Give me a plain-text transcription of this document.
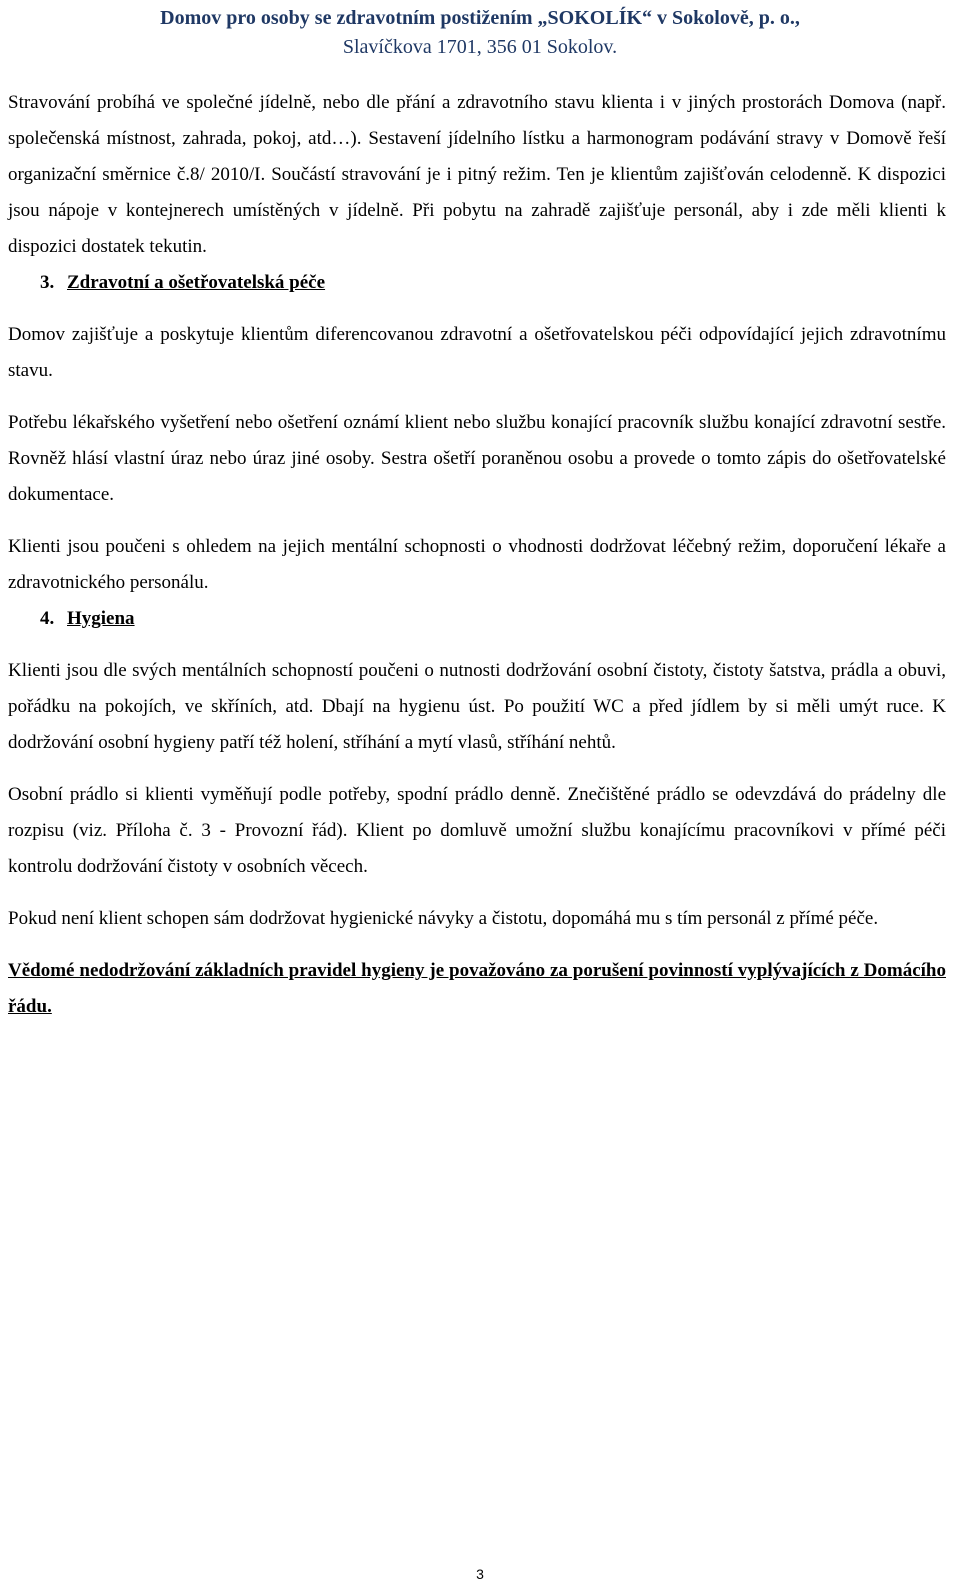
Domov pro osoby se zdravotním postižením „SOKOLÍK“ v Sokolově, p. o.,
Slavíčkova 1701, 356 01 Sokolov.

Stravování probíhá ve společné jídelně, nebo dle přání a zdravotního stavu klienta i v jiných prostorách Domova (např. společenská místnost, zahrada, pokoj, atd…). Sestavení jídelního lístku a harmonogram podávání stravy v Domově řeší organizační směrnice č.8/ 2010/I. Součástí stravování je i pitný režim. Ten je klientům zajišťován celodenně. K dispozici jsou nápoje v kontejnerech umístěných v jídelně. Při pobytu na zahradě zajišťuje personál, aby i zde měli klienti k dispozici dostatek tekutin.

3. Zdravotní a ošetřovatelská péče

Domov zajišťuje a poskytuje klientům diferencovanou zdravotní a ošetřovatelskou péči odpovídající jejich zdravotnímu stavu.

Potřebu lékařského vyšetření nebo ošetření oznámí klient nebo službu konající pracovník službu konající zdravotní sestře. Rovněž hlásí vlastní úraz nebo úraz jiné osoby. Sestra ošetří poraněnou osobu a provede o tomto zápis do ošetřovatelské dokumentace.

Klienti jsou poučeni s ohledem na jejich mentální schopnosti o vhodnosti dodržovat léčebný režim, doporučení lékaře a zdravotnického personálu.

4. Hygiena

Klienti jsou dle svých mentálních schopností poučeni o nutnosti dodržování osobní čistoty, čistoty šatstva, prádla a obuvi, pořádku na pokojích, ve skříních, atd. Dbají na hygienu úst. Po použití WC a před jídlem by si měli umýt ruce. K dodržování osobní hygieny patří též holení, stříhání a mytí vlasů, stříhání nehtů.

Osobní prádlo si klienti vyměňují podle potřeby, spodní prádlo denně. Znečištěné prádlo se odevzdává do prádelny dle rozpisu (viz. Příloha č. 3 - Provozní řád). Klient po domluvě umožní službu konajícímu pracovníkovi v přímé péči kontrolu dodržování čistoty v osobních věcech.

Pokud není klient schopen sám dodržovat hygienické návyky a čistotu, dopomáhá mu s tím personál z přímé péče.

Vědomé nedodržování základních pravidel hygieny je považováno za porušení povinností vyplývajících z Domácího řádu.

3
